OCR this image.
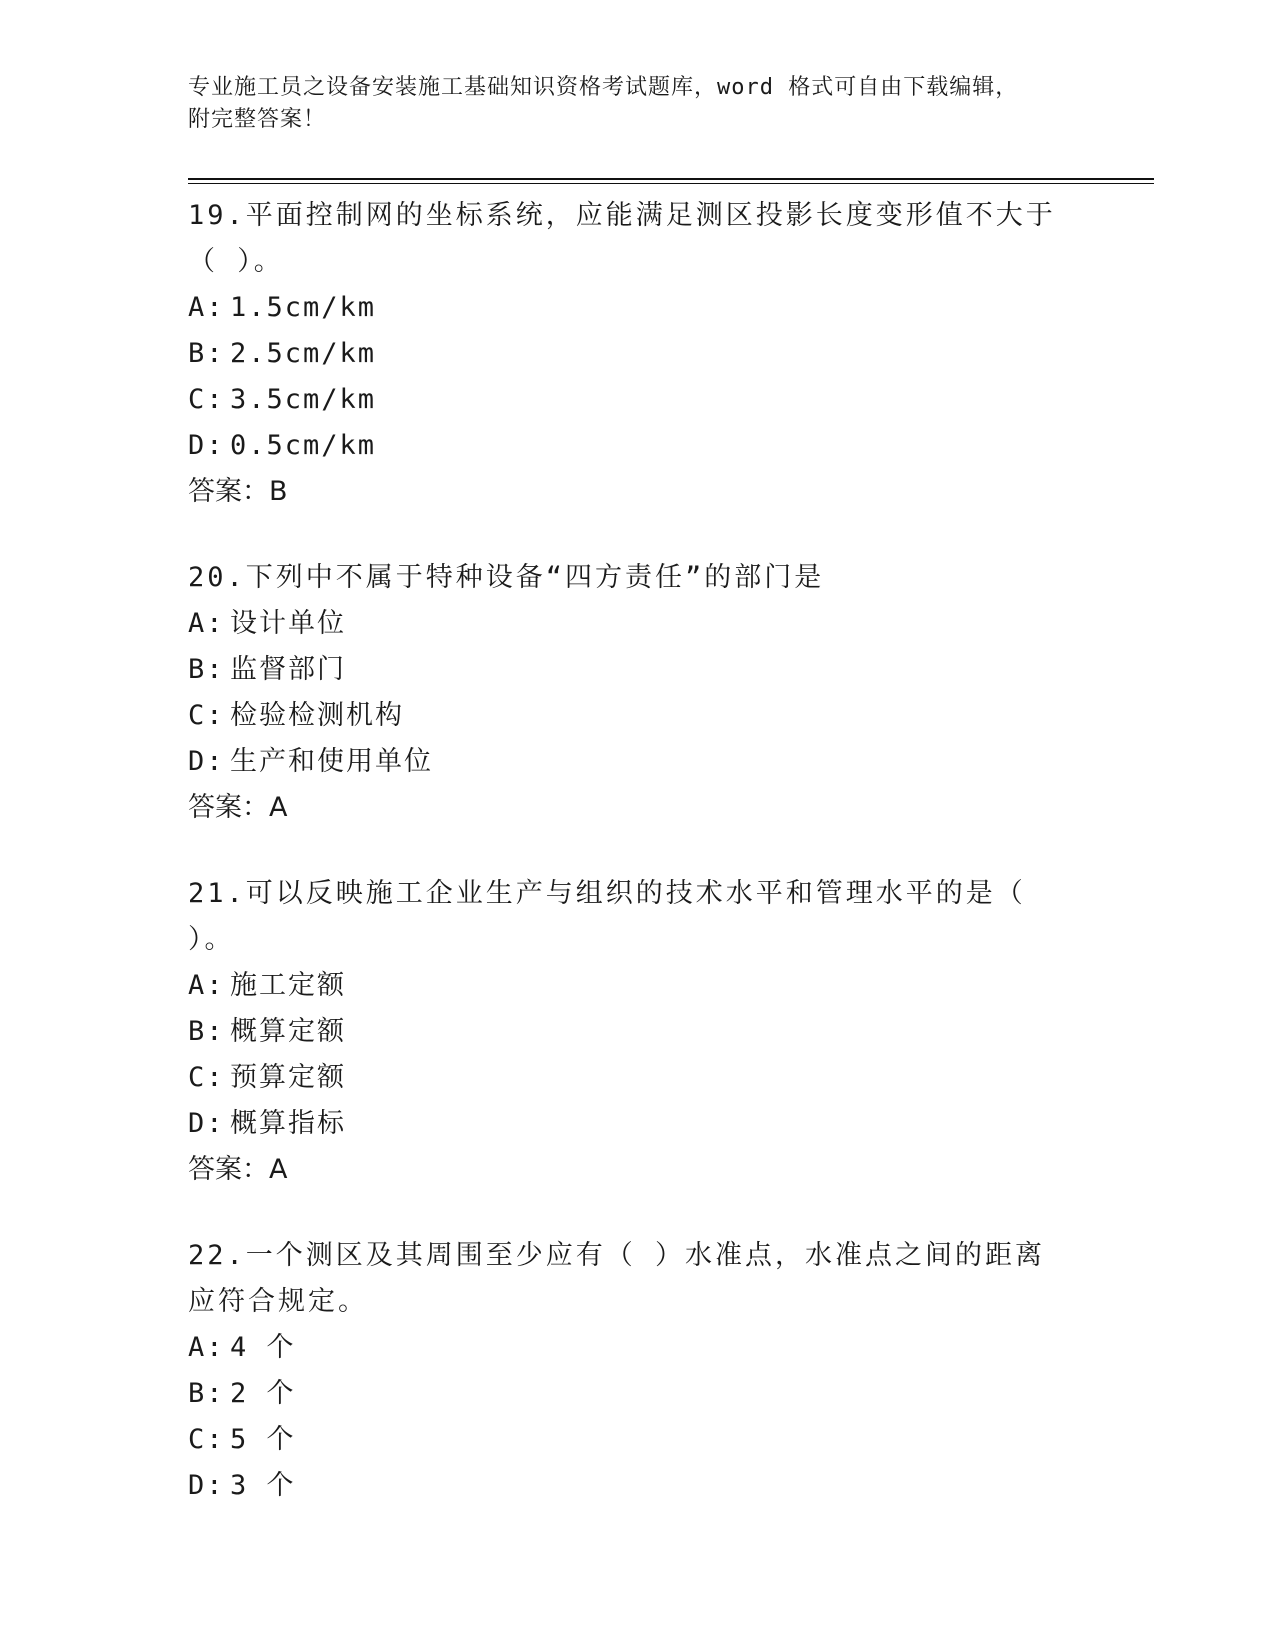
专业施工员之设备安装施工基础知识资格考试题库，word 格式可自由下载编辑，
附完整答案！
19.平面控制网的坐标系统，应能满足测区投影长度变形值不大于（ ）。
A: 1.5cm/km
B: 2.5cm/km
C: 3.5cm/km
D: 0.5cm/km
答案：B
20.下列中不属于特种设备“四方责任”的部门是
A: 设计单位
B: 监督部门
C: 检验检测机构
D: 生产和使用单位
答案：A
21.可以反映施工企业生产与组织的技术水平和管理水平的是（ ）。
A: 施工定额
B: 概算定额
C: 预算定额
D: 概算指标
答案：A
22.一个测区及其周围至少应有（ ）水准点，水准点之间的距离应符合规定。
A: 4 个
B: 2 个
C: 5 个
D: 3 个
